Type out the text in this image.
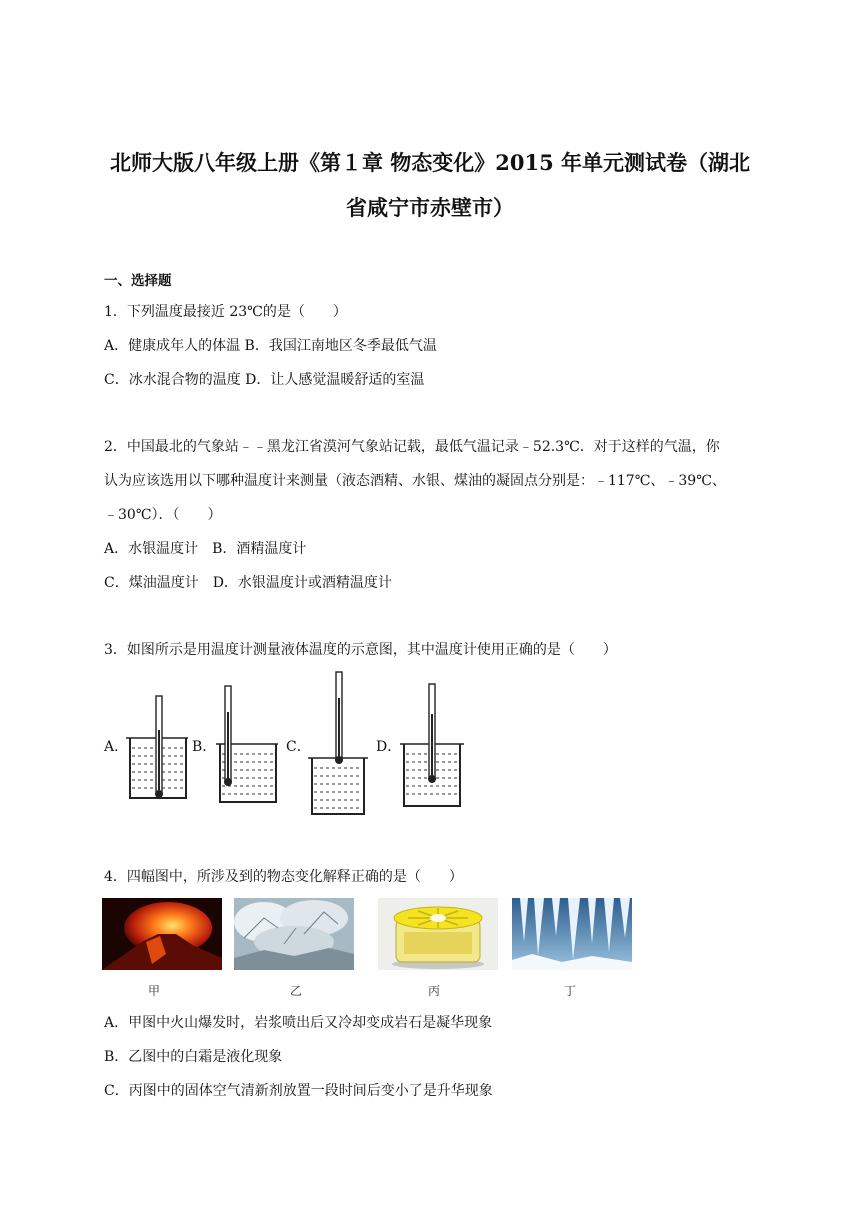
北师大版八年级上册《第１章 物态变化》2015 年单元测试卷（湖北
省咸宁市赤壁市）
一、选择题
1．下列温度最接近 23℃的是（　　）
A．健康成年人的体温 B．我国江南地区冬季最低气温
C．冰水混合物的温度 D．让人感觉温暖舒适的室温
2．中国最北的气象站﹣﹣黑龙江省漠河气象站记载，最低气温记录﹣52.3℃．对于这样的气温，你
认为应该选用以下哪种温度计来测量（液态酒精、水银、煤油的凝固点分别是：﹣117℃、﹣39℃、
﹣30℃）．（　　）
A．水银温度计　B．酒精温度计
C．煤油温度计　D．水银温度计或酒精温度计
3．如图所示是用温度计测量液体温度的示意图，其中温度计使用正确的是（　　）
A．	B．	C．	D．
4．四幅图中，所涉及到的物态变化解释正确的是（　　）
甲	乙	丙	丁
A．甲图中火山爆发时，岩浆喷出后又冷却变成岩石是凝华现象
B．乙图中的白霜是液化现象
C．丙图中的固体空气清新剂放置一段时间后变小了是升华现象
